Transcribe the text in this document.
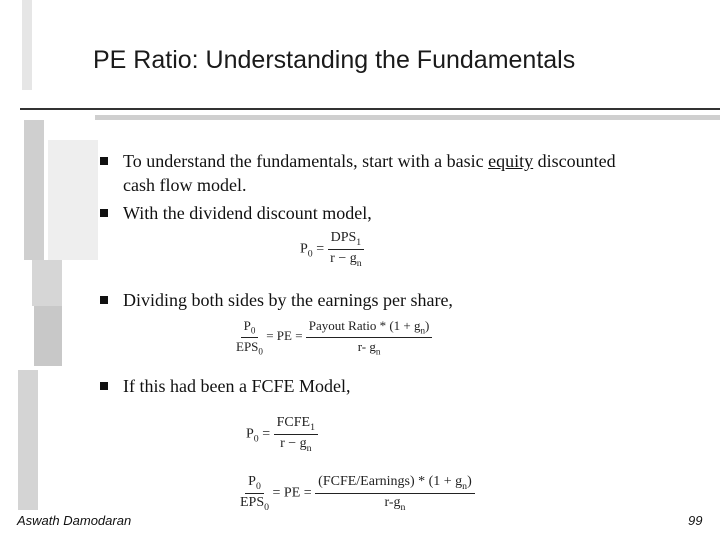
PE Ratio: Understanding the Fundamentals
To understand the fundamentals, start with a basic equity discounted
cash flow model.
With the dividend discount model,
$P_0 = \frac{DPS_1}{r - g_n}$
Dividing both sides by the earnings per share,
$\frac{P_0}{EPS_0}$ = PE = $\frac{Payout Ratio * (1 + g_n)}{r- g_n}$
If this had been a FCFE Model,
$P_0 = \frac{FCFE_1}{r - g_n}$
$\frac{P_0}{EPS_0}$ = PE = $\frac{(FCFE/Earnings) * (1 + g_n)}{r-g_n}$
Aswath Damodaran	99
